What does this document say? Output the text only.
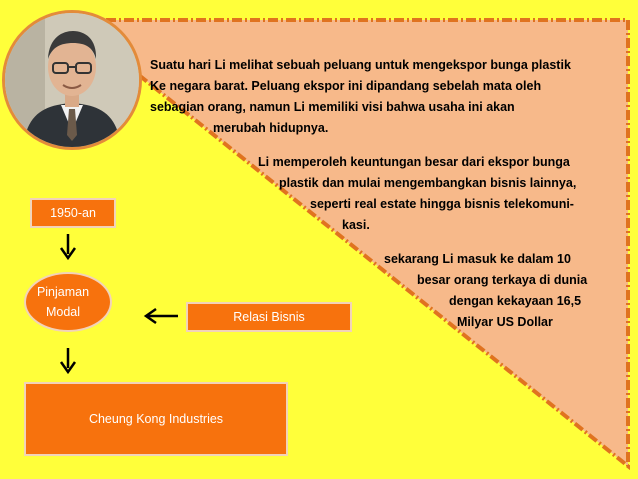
Suatu hari Li melihat sebuah peluang untuk mengekspor bunga plastik

Ke negara barat. Peluang ekspor ini dipandang sebelah mata oleh

sebagian orang, namun Li memiliki visi bahwa usaha ini akan

merubah hidupnya.

Li memperoleh keuntungan besar dari ekspor bunga

plastik dan mulai mengembangkan bisnis lainnya,

seperti real estate hingga bisnis telekomuni-

kasi.

sekarang Li masuk ke dalam 10

besar orang terkaya di dunia

dengan kekayaan 16,5

Milyar US Dollar

1950-an
Pinjaman
Modal	Relasi Bisnis
Cheung Kong Industries
